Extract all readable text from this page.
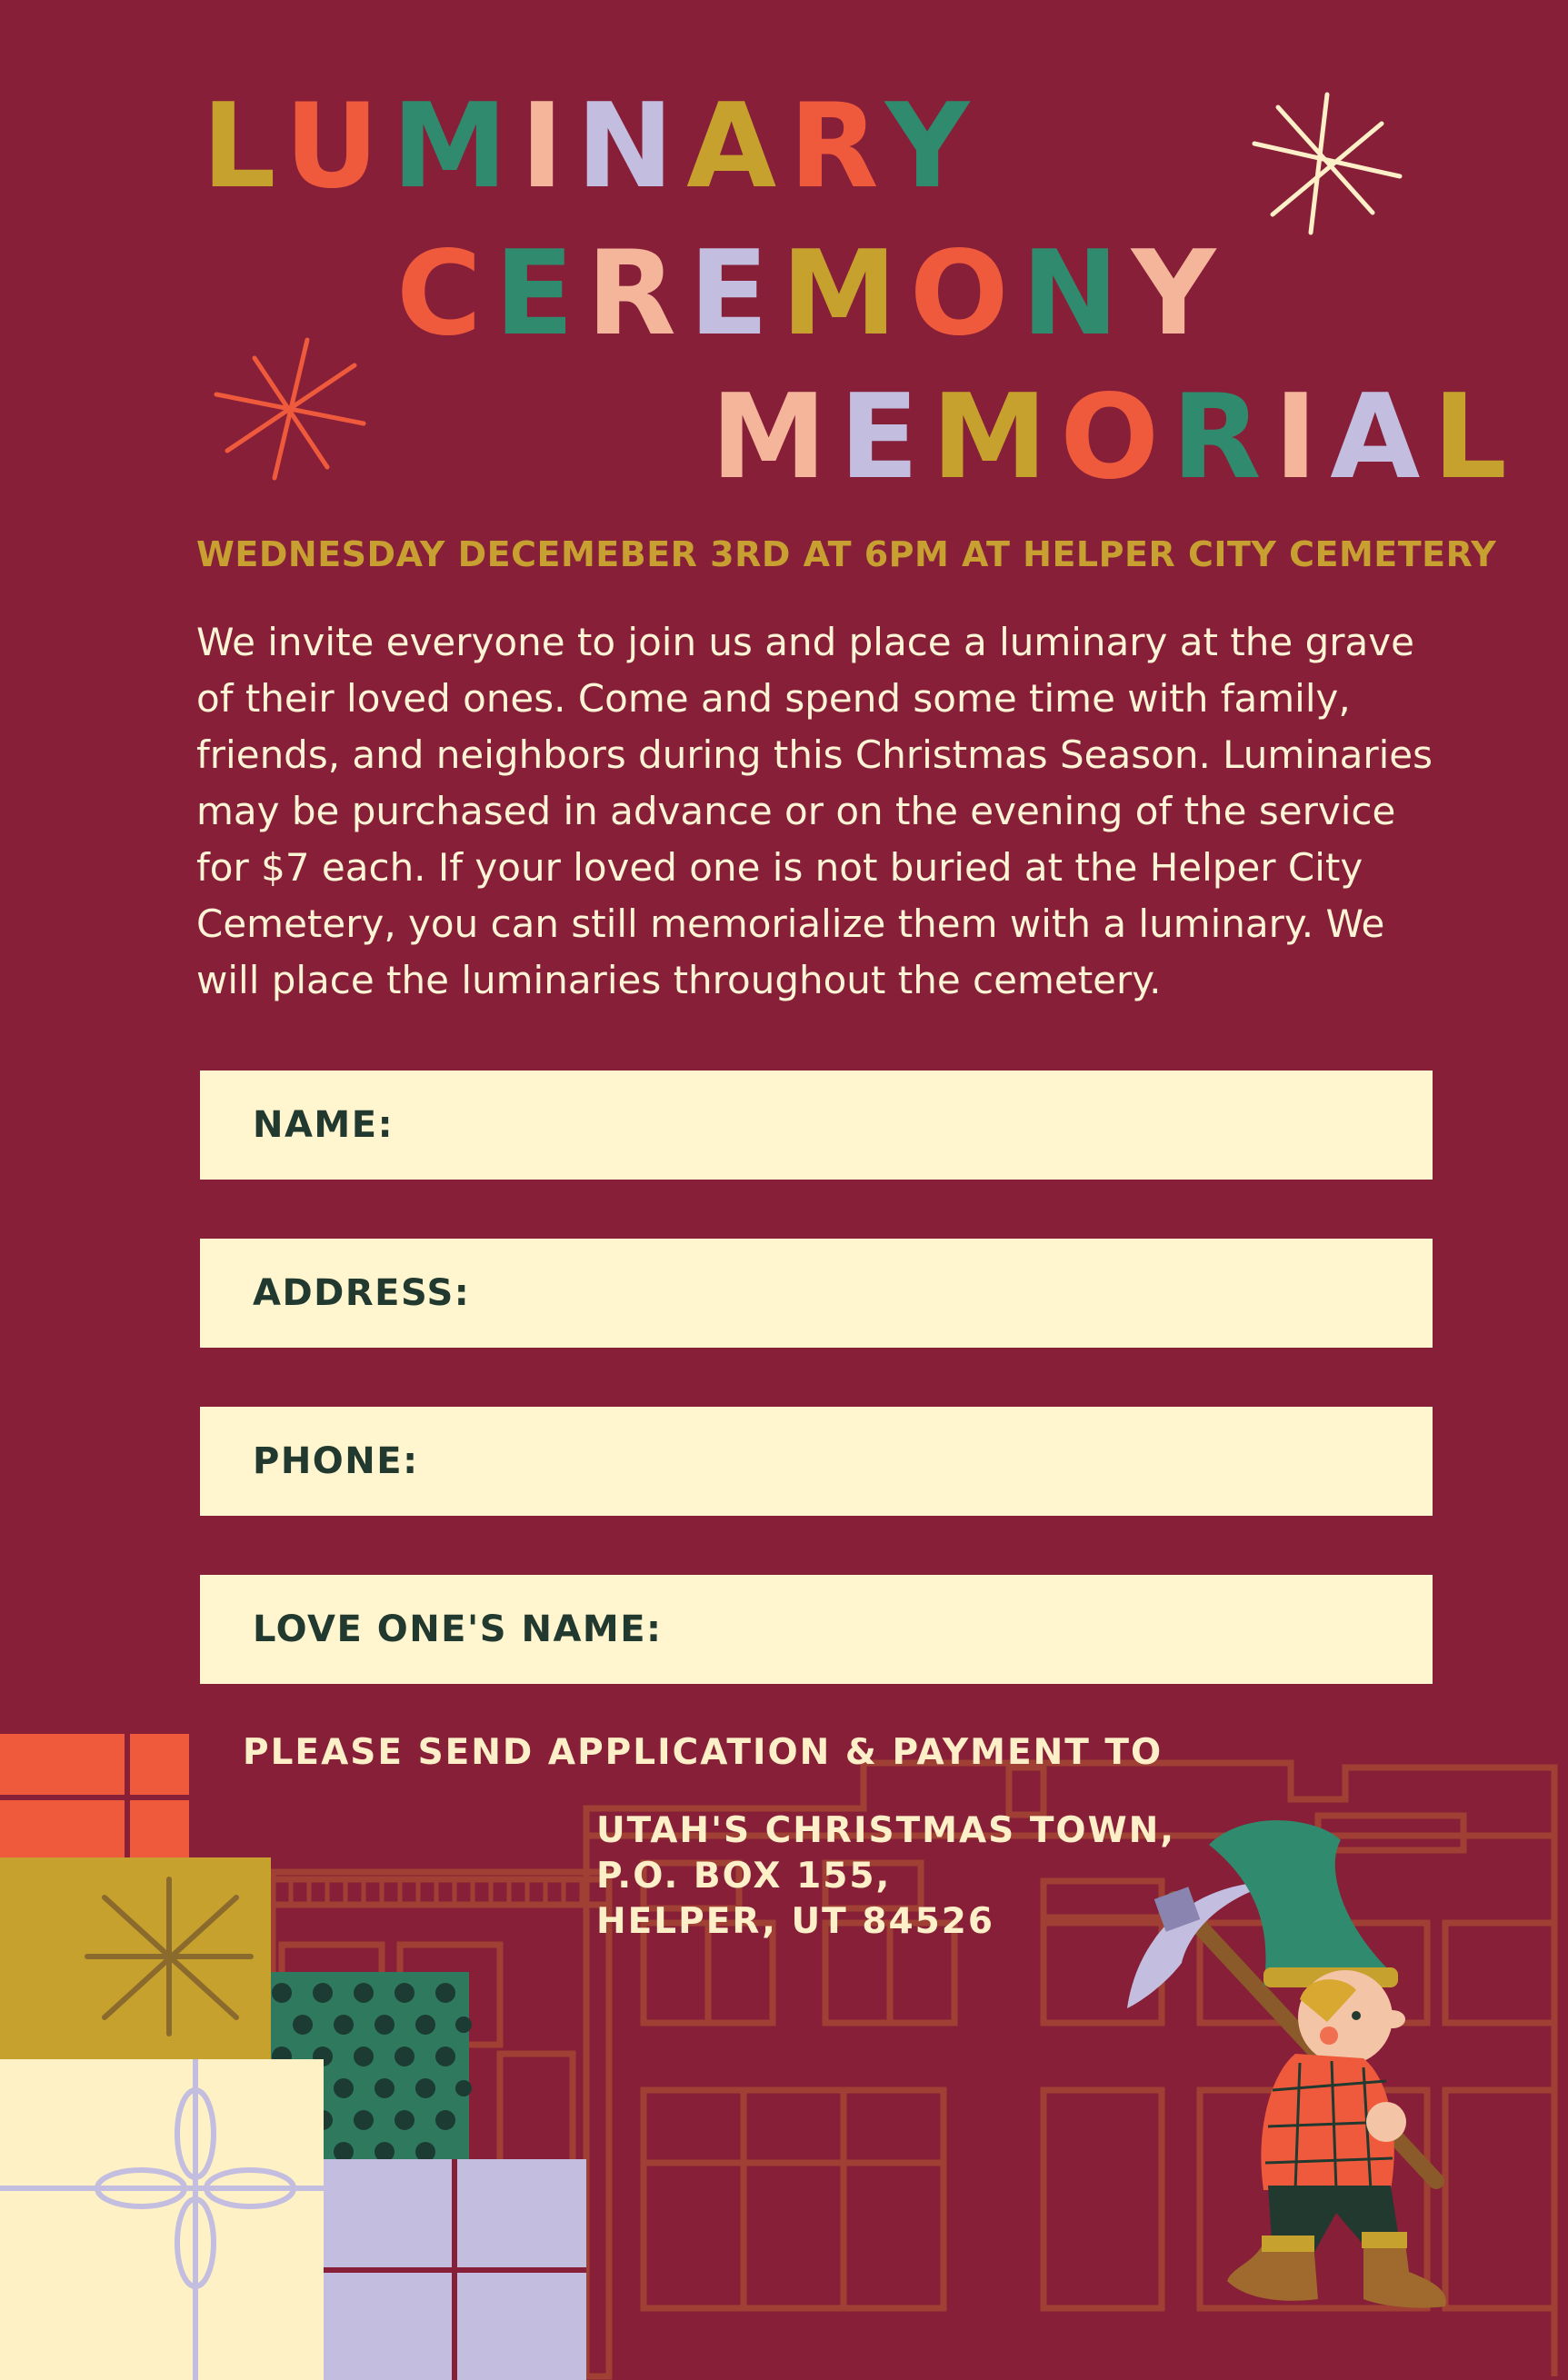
LUMINARY
CEREMONY
MEMORIAL
WEDNESDAY DECEMEBER 3RD AT 6PM AT HELPER CITY CEMETERY
We invite everyone to join us and place a luminary at the grave of their loved ones. Come and spend some time with family, friends, and neighbors during this Christmas Season. Luminaries may be purchased in advance or on the evening of the service for $7 each. If your loved one is not buried at the Helper City Cemetery, you can still memorialize them with a luminary. We will place the luminaries throughout the cemetery.
NAME:
ADDRESS:
PHONE:
LOVE ONE'S NAME:
PLEASE SEND APPLICATION & PAYMENT TO
UTAH'S CHRISTMAS TOWN,
P.O. BOX 155,
HELPER, UT 84526
